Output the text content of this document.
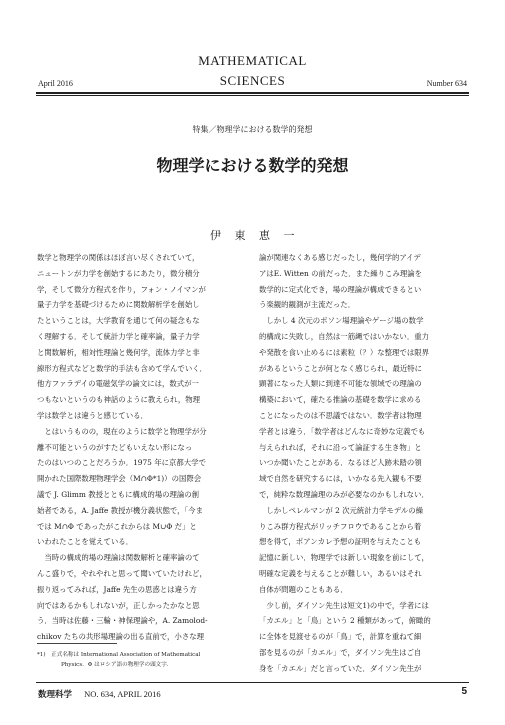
MATHEMATICAL
SCIENCES
April 2016	Number 634
特集／物理学における数学的発想
物理学における数学的発想
伊 東 恵 一
数学と物理学の関係はほぼ言い尽くされていて，
ニュートンが力学を創始するにあたり，微分積分
学，そして微分方程式を作り，フォン・ノイマンが
量子力学を基礎づけるために関数解析学を創始し
たということは，大学教育を通じて何の疑念もな
く理解する．そして統計力学と確率論，量子力学
と関数解析，相対性理論と幾何学，流体力学と非
線形方程式などと数学的手法も含めて学んでいく．
他方ファラデイの電磁気学の論文には，数式が一
つもないというのも神話のように教えられ，物理
学は数学とは違うと感じている．
　とはいうものの，現在のように数学と物理学が分
離不可能というのがすたどもいえない形になっ
たのはいつのことだろうか．1975 年に京都大学で
開かれた国際数理物理学会（M∩Φ*1)）の国際会
議で J. Glimm 教授とともに構成的場の理論の創
始者である，A. Jaffe 教授が機分義状態で，「今ま
では M∩Φ であったがこれからは M∪Φ だ」と
いわれたことを覚えている．
　当時の構成的場の理論は関数解析と確率論のて
んこ盛りで，やれやれと思って聞いていたけれど，
振り返ってみれば，Jaffe 先生の思惑とは違う方
向ではあるかもしれないが，正しかったかなと思
う．当時は佐藤・三輪・神保理論や，A. Zamolod-
chikov たちの共形場理論の出る直前で，小さな理
論が関連なくある感じだったし，幾何学的アイデ
アはE. Witten の前だった．また繰りこみ理論を
数学的に定式化でき，場の理論が構成できるとい
う楽観的観測が主流だった．
　しかし 4 次元のボソン場理論やゲージ場の数学
的構成に失敗し，自然は一筋縄ではいかない．重力
や発散を食い止めるには素粒（？）な整理では限界
があるということが何となく感じられ，最近特に
顕著になった人類に到達不可能な領域での理論の
構築において，確たる推論の基礎を数学に求める
ことになったのは不思議ではない．数学者は物理
学者とは違う．「数学者はどんなに奇妙な定義でも
与えられれば，それに沿って論証する生き物」と
いつか聞いたことがある．なるほど人跡未踏の領
域で自然を研究するには，いかなる先入観も不要
で，純粋な数理論理のみが必要なのかもしれない．
　しかしペレルマンが 2 次元統計力学モデルの繰
りこみ群方程式がリッチフロウであることから着
想を得て，ポアンカレ予想の証明を与えたことも
記憶に新しい．物理学では新しい現象を前にして，
明確な定義を与えることが難しい，あるいはそれ
自体が問題のこともある．
　少し前，ダイソン先生は短文1)の中で，学者には
「カエル」と「鳥」という 2 種類があって，俯瞰的
に全体を見渡せるのが「鳥」で，計算を重ねて細
部を見るのが「カエル」で，ダイソン先生はご自
身を「カエル」だと言っていた．ダイソン先生が
*1)　正式名称は International Association of Mathematical
Physics．Φ はロシア語の物理学の頭文字．
数理科学 NO. 634, APRIL 2016	5
